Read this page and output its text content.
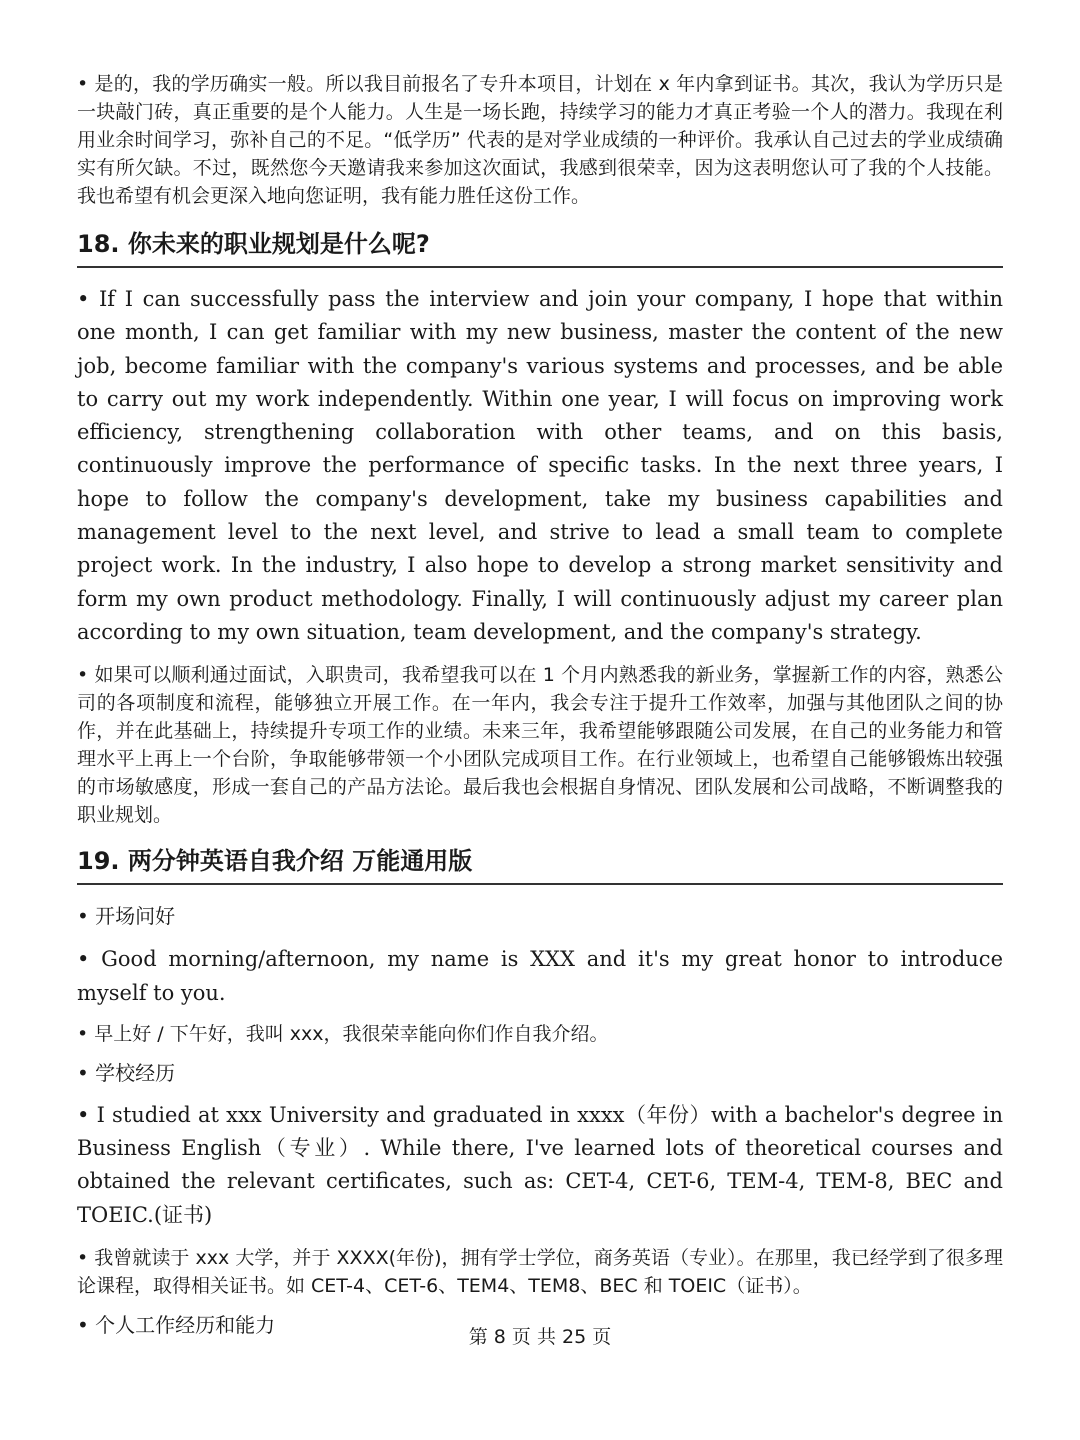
• 是的，我的学历确实一般。所以我目前报名了专升本项目，计划在 x 年内拿到证书。其次，我认为学历只是一块敲门砖，真正重要的是个人能力。人生是一场长跑，持续学习的能力才真正考验一个人的潜力。我现在利用业余时间学习，弥补自己的不足。“低学历” 代表的是对学业成绩的一种评价。我承认自己过去的学业成绩确实有所欠缺。不过，既然您今天邀请我来参加这次面试，我感到很荣幸，因为这表明您认可了我的个人技能。我也希望有机会更深入地向您证明，我有能力胜任这份工作。

18. 你未来的职业规划是什么呢?

• If I can successfully pass the interview and join your company, I hope that within one month, I can get familiar with my new business, master the content of the new job, become familiar with the company's various systems and processes, and be able to carry out my work independently. Within one year, I will focus on improving work efficiency, strengthening collaboration with other teams, and on this basis, continuously improve the performance of specific tasks. In the next three years, I hope to follow the company's development, take my business capabilities and management level to the next level, and strive to lead a small team to complete project work. In the industry, I also hope to develop a strong market sensitivity and form my own product methodology. Finally, I will continuously adjust my career plan according to my own situation, team development, and the company's strategy.

• 如果可以顺利通过面试，入职贵司，我希望我可以在 1 个月内熟悉我的新业务，掌握新工作的内容，熟悉公司的各项制度和流程，能够独立开展工作。在一年内，我会专注于提升工作效率，加强与其他团队之间的协作，并在此基础上，持续提升专项工作的业绩。未来三年，我希望能够跟随公司发展，在自己的业务能力和管理水平上再上一个台阶，争取能够带领一个小团队完成项目工作。在行业领域上，也希望自己能够锻炼出较强的市场敏感度，形成一套自己的产品方法论。最后我也会根据自身情况、团队发展和公司战略，不断调整我的职业规划。

19. 两分钟英语自我介绍 万能通用版

• 开场问好

• Good morning/afternoon, my name is XXX and it's my great honor to introduce myself to you.

• 早上好 / 下午好，我叫 xxx，我很荣幸能向你们作自我介绍。

• 学校经历

• I studied at xxx University and graduated in xxxx（年份）with a bachelor's degree in Business English（专业）. While there, I've learned lots of theoretical courses and obtained the relevant certificates, such as: CET-4, CET-6, TEM-4, TEM-8, BEC and TOEIC.(证书)

• 我曾就读于 xxx 大学，并于 XXXX(年份)，拥有学士学位，商务英语（专业）。在那里，我已经学到了很多理论课程，取得相关证书。如 CET-4、CET-6、TEM4、TEM8、BEC 和 TOEIC（证书）。

• 个人工作经历和能力	第 8 页 共 25 页
